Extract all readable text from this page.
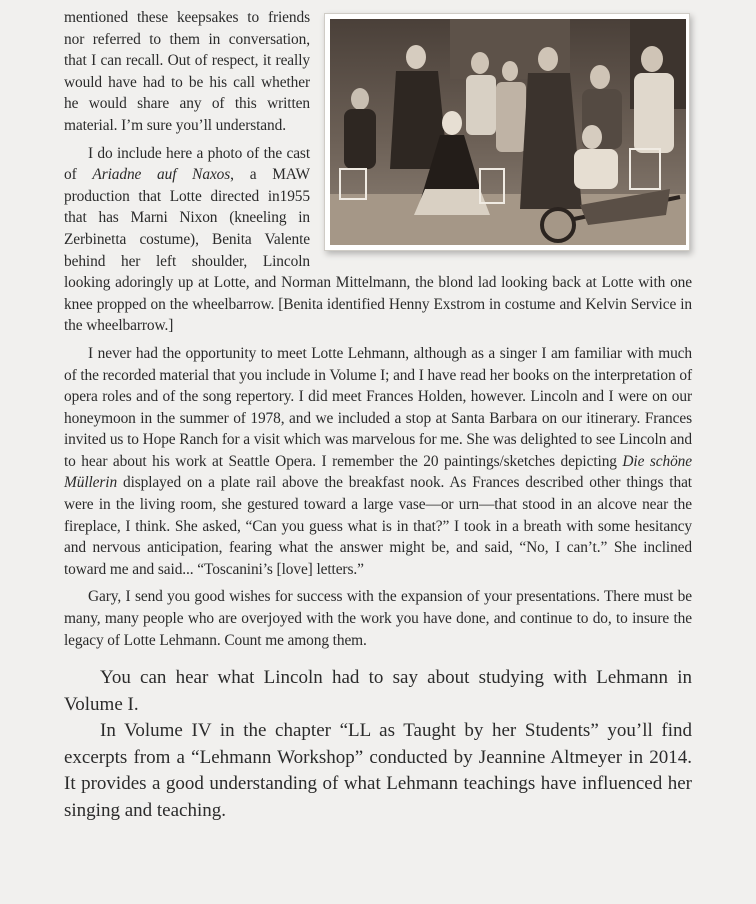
mentioned these keepsakes to friends nor referred to them in conversation, that I can recall. Out of respect, it really would have had to be his call whether he would share any of this written material. I’m sure you’ll understand.

I do include here a photo of the cast of Ariadne auf Naxos, a MAW production that Lotte directed in1955 that has Marni Nixon (kneeling in Zerbinetta costume), Benita Valente behind her left shoulder, Lincoln looking adoringly up at Lotte, and Norman Mittelmann, the blond lad looking back at Lotte with one knee propped on the wheelbarrow. [Benita identified Henny Exstrom in costume and Kelvin Service in the wheelbarrow.]

I never had the opportunity to meet Lotte Lehmann, although as a singer I am familiar with much of the recorded material that you include in Volume I; and I have read her books on the interpretation of opera roles and of the song repertory. I did meet Frances Holden, however. Lincoln and I were on our honeymoon in the summer of 1978, and we included a stop at Santa Barbara on our itinerary. Frances invited us to Hope Ranch for a visit which was marvelous for me. She was delighted to see Lincoln and to hear about his work at Seattle Opera. I remember the 20 paintings/sketches depicting Die schöne Müllerin displayed on a plate rail above the breakfast nook. As Frances described other things that were in the living room, she gestured toward a large vase—or urn—that stood in an alcove near the fireplace, I think. She asked, “Can you guess what is in that?” I took in a breath with some hesitancy and nervous anticipation, fearing what the answer might be, and said, “No, I can’t.” She inclined toward me and said... “Toscanini’s [love] letters.”

Gary, I send you good wishes for success with the expansion of your presentations. There must be many, many people who are overjoyed with the work you have done, and continue to do, to insure the legacy of Lotte Lehmann. Count me among them.

You can hear what Lincoln had to say about studying with Lehmann in Volume I.

In Volume IV in the chapter “LL as Taught by her Students” you’ll find excerpts from a “Lehmann Workshop” conducted by Jeannine Altmeyer in 2014. It provides a good understanding of what Lehmann teachings have influenced her singing and teaching.
